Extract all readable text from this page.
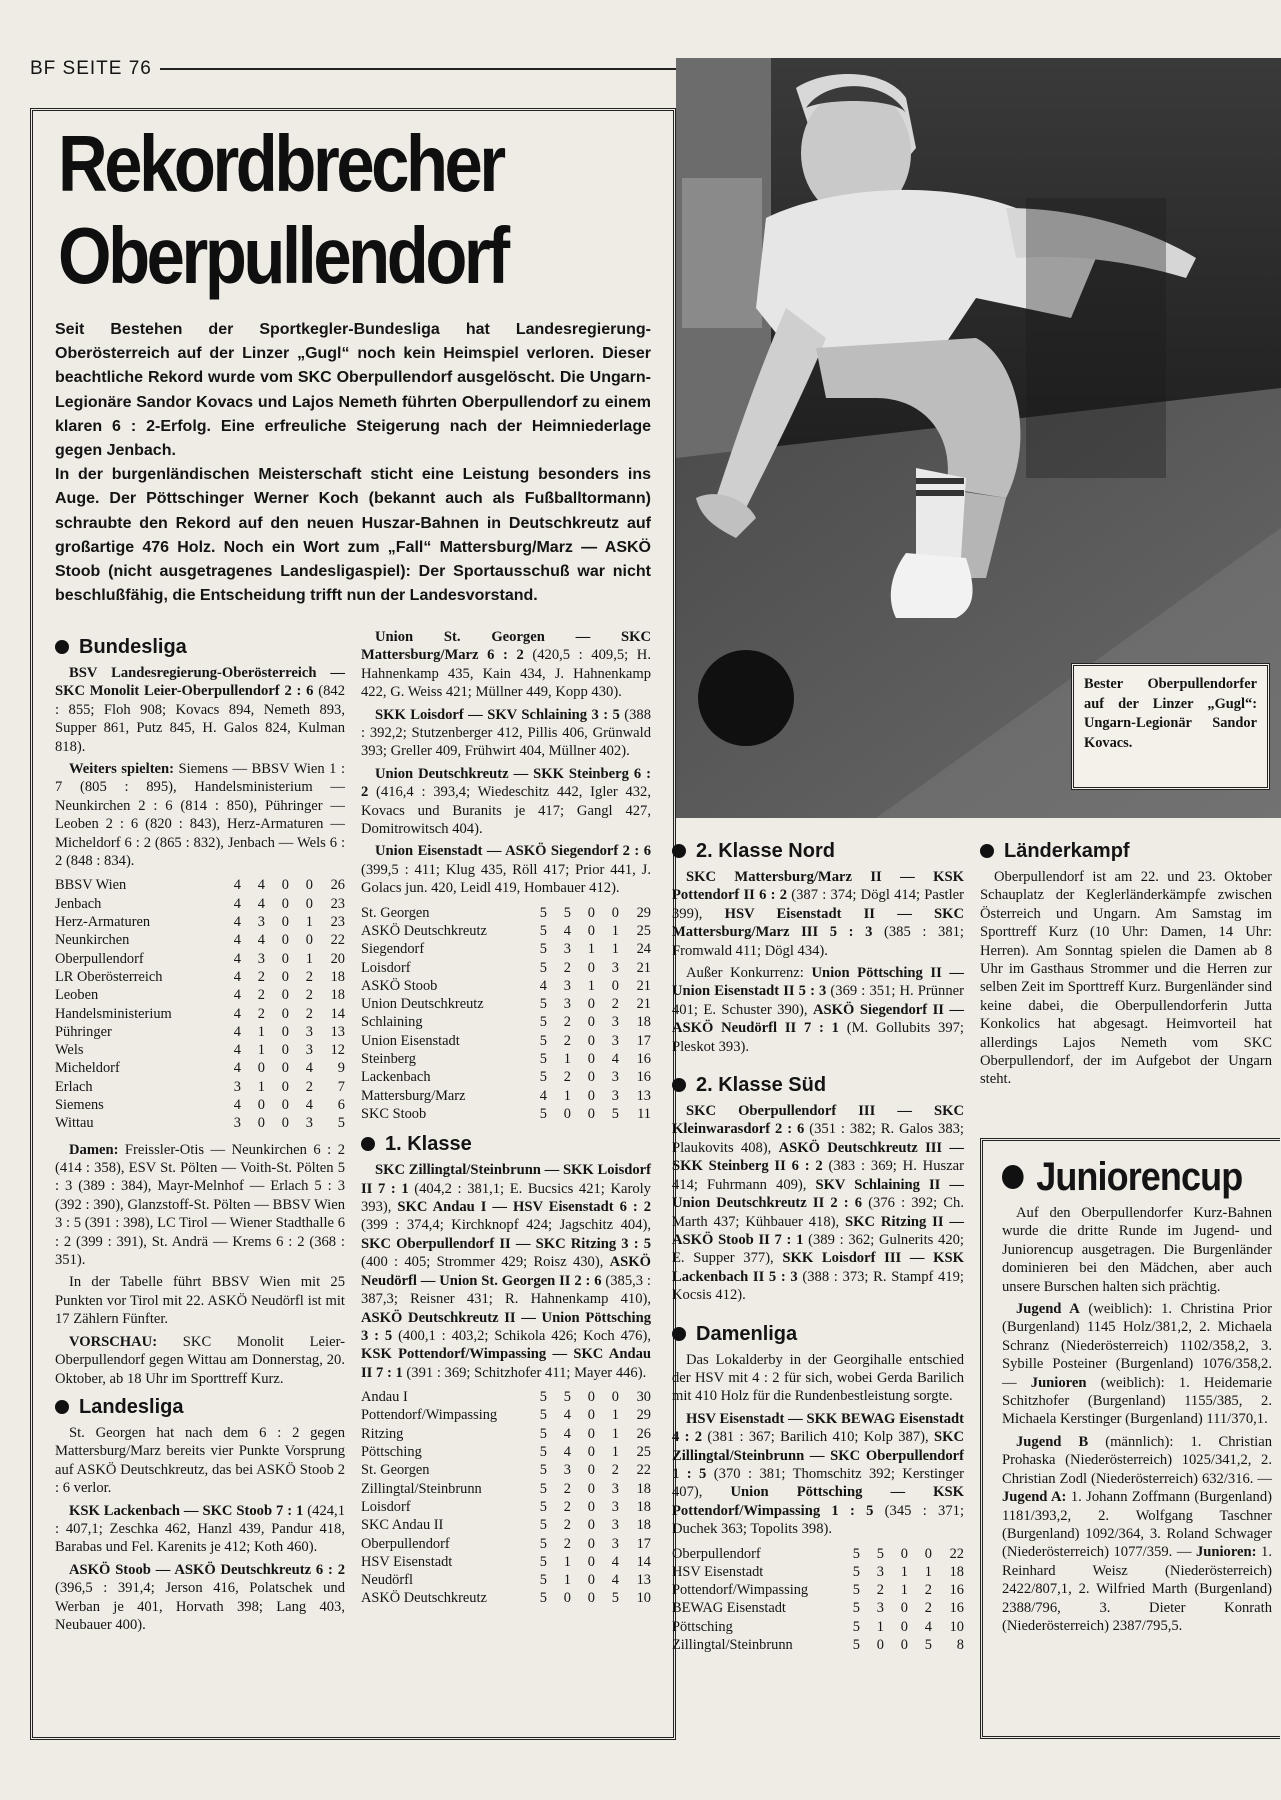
BF SEITE 76
Rekordbrecher
Oberpullendorf

Seit Bestehen der Sportkegler-Bundesliga hat Landesregierung-Oberösterreich auf der Linzer „Gugl“ noch kein Heimspiel verloren. Dieser beachtliche Rekord wurde vom SKC Oberpullendorf ausgelöscht. Die Ungarn-Legionäre Sandor Kovacs und Lajos Nemeth führten Oberpullendorf zu einem klaren 6 : 2-Erfolg. Eine erfreuliche Steigerung nach der Heimniederlage gegen Jenbach.

In der burgenländischen Meisterschaft sticht eine Leistung besonders ins Auge. Der Pöttschinger Werner Koch (bekannt auch als Fußballtormann) schraubte den Rekord auf den neuen Huszar-Bahnen in Deutschkreutz auf großartige 476 Holz. Noch ein Wort zum „Fall“ Mattersburg/Marz — ASKÖ Stoob (nicht ausgetragenes Landesligaspiel): Der Sportausschuß war nicht beschlußfähig, die Entscheidung trifft nun der Landesvorstand.

Bundesliga

BSV Landesregierung-Oberösterreich — SKC Monolit Leier-Oberpullendorf 2 : 6 (842 : 855; Floh 908; Kovacs 894, Nemeth 893, Supper 861, Putz 845, H. Galos 824, Kulman 818).

Weiters spielten: Siemens — BBSV Wien 1 : 7 (805 : 895), Handelsministerium — Neunkirchen 2 : 6 (814 : 850), Pühringer — Leoben 2 : 6 (820 : 843), Herz-Armaturen — Micheldorf 6 : 2 (865 : 832), Jenbach — Wels 6 : 2 (848 : 834).

BBSV Wien	4	4	0	0	26
Jenbach	4	4	0	0	23
Herz-Armaturen	4	3	0	1	23
Neunkirchen	4	4	0	0	22
Oberpullendorf	4	3	0	1	20
LR Oberösterreich	4	2	0	2	18
Leoben	4	2	0	2	18
Handelsministerium	4	2	0	2	14
Pühringer	4	1	0	3	13
Wels	4	1	0	3	12
Micheldorf	4	0	0	4	9
Erlach	3	1	0	2	7
Siemens	4	0	0	4	6
Wittau	3	0	0	3	5

Damen: Freissler-Otis — Neunkirchen 6 : 2 (414 : 358), ESV St. Pölten — Voith-St. Pölten 5 : 3 (389 : 384), Mayr-Melnhof — Erlach 5 : 3 (392 : 390), Glanzstoff-St. Pölten — BBSV Wien 3 : 5 (391 : 398), LC Tirol — Wiener Stadthalle 6 : 2 (399 : 391), St. Andrä — Krems 6 : 2 (368 : 351).

In der Tabelle führt BBSV Wien mit 25 Punkten vor Tirol mit 22. ASKÖ Neudörfl ist mit 17 Zählern Fünfter.

VORSCHAU: SKC Monolit Leier-Oberpullendorf gegen Wittau am Donnerstag, 20. Oktober, ab 18 Uhr im Sporttreff Kurz.

Landesliga

St. Georgen hat nach dem 6 : 2 gegen Mattersburg/Marz bereits vier Punkte Vorsprung auf ASKÖ Deutschkreutz, das bei ASKÖ Stoob 2 : 6 verlor.

KSK Lackenbach — SKC Stoob 7 : 1 (424,1 : 407,1; Zeschka 462, Hanzl 439, Pandur 418, Barabas und Fel. Karenits je 412; Koth 460).

ASKÖ Stoob — ASKÖ Deutschkreutz 6 : 2 (396,5 : 391,4; Jerson 416, Polatschek und Werban je 401, Horvath 398; Lang 403, Neubauer 400).

Union St. Georgen — SKC Mattersburg/Marz 6 : 2 (420,5 : 409,5; H. Hahnenkamp 435, Kain 434, J. Hahnenkamp 422, G. Weiss 421; Müllner 449, Kopp 430).

SKK Loisdorf — SKV Schlaining 3 : 5 (388 : 392,2; Stutzenberger 412, Pillis 406, Grünwald 393; Greller 409, Frühwirt 404, Müllner 402).

Union Deutschkreutz — SKK Steinberg 6 : 2 (416,4 : 393,4; Wiedeschitz 442, Igler 432, Kovacs und Buranits je 417; Gangl 427, Domitrowitsch 404).

Union Eisenstadt — ASKÖ Siegendorf 2 : 6 (399,5 : 411; Klug 435, Röll 417; Prior 441, J. Golacs jun. 420, Leidl 419, Hombauer 412).

St. Georgen	5	5	0	0	29
ASKÖ Deutschkreutz	5	4	0	1	25
Siegendorf	5	3	1	1	24
Loisdorf	5	2	0	3	21
ASKÖ Stoob	4	3	1	0	21
Union Deutschkreutz	5	3	0	2	21
Schlaining	5	2	0	3	18
Union Eisenstadt	5	2	0	3	17
Steinberg	5	1	0	4	16
Lackenbach	5	2	0	3	16
Mattersburg/Marz	4	1	0	3	13
SKC Stoob	5	0	0	5	11
1. Klasse

SKC Zillingtal/Steinbrunn — SKK Loisdorf II 7 : 1 (404,2 : 381,1; E. Bucsics 421; Karoly 393), SKC Andau I — HSV Eisenstadt 6 : 2 (399 : 374,4; Kirchknopf 424; Jagschitz 404), SKC Oberpullendorf II — SKC Ritzing 3 : 5 (400 : 405; Strommer 429; Roisz 430), ASKÖ Neudörfl — Union St. Georgen II 2 : 6 (385,3 : 387,3; Reisner 431; R. Hahnenkamp 410), ASKÖ Deutschkreutz II — Union Pöttsching 3 : 5 (400,1 : 403,2; Schikola 426; Koch 476), KSK Pottendorf/Wimpassing — SKC Andau II 7 : 1 (391 : 369; Schitzhofer 411; Mayer 446).

Andau I	5	5	0	0	30
Pottendorf/Wimpassing	5	4	0	1	29
Ritzing	5	4	0	1	26
Pöttsching	5	4	0	1	25
St. Georgen	5	3	0	2	22
Zillingtal/Steinbrunn	5	2	0	3	18
Loisdorf	5	2	0	3	18
SKC Andau II	5	2	0	3	18
Oberpullendorf	5	2	0	3	17
HSV Eisenstadt	5	1	0	4	14
Neudörfl	5	1	0	4	13
ASKÖ Deutschkreutz	5	0	0	5	10
Bester Oberpullendorfer auf der Linzer „Gugl“: Ungarn-Legionär Sandor Kovacs.
2. Klasse Nord

SKC Mattersburg/Marz II — KSK Pottendorf II 6 : 2 (387 : 374; Dögl 414; Pastler 399), HSV Eisenstadt II — SKC Mattersburg/Marz III 5 : 3 (385 : 381; Fromwald 411; Dögl 434).

Außer Konkurrenz: Union Pöttsching II — Union Eisenstadt II 5 : 3 (369 : 351; H. Prünner 401; E. Schuster 390), ASKÖ Siegendorf II — ASKÖ Neudörfl II 7 : 1 (M. Gollubits 397; Pleskot 393).

2. Klasse Süd

SKC Oberpullendorf III — SKC Kleinwarasdorf 2 : 6 (351 : 382; R. Galos 383; Plaukovits 408), ASKÖ Deutschkreutz III — SKK Steinberg II 6 : 2 (383 : 369; H. Huszar 414; Fuhrmann 409), SKV Schlaining II — Union Deutschkreutz II 2 : 6 (376 : 392; Ch. Marth 437; Kühbauer 418), SKC Ritzing II — ASKÖ Stoob II 7 : 1 (389 : 362; Gulnerits 420; E. Supper 377), SKK Loisdorf III — KSK Lackenbach II 5 : 3 (388 : 373; R. Stampf 419; Kocsis 412).

Damenliga

Das Lokalderby in der Georgihalle entschied der HSV mit 4 : 2 für sich, wobei Gerda Barilich mit 410 Holz für die Rundenbestleistung sorgte.

HSV Eisenstadt — SKK BEWAG Eisenstadt 4 : 2 (381 : 367; Barilich 410; Kolp 387), SKC Zillingtal/Steinbrunn — SKC Oberpullendorf 1 : 5 (370 : 381; Thomschitz 392; Kerstinger 407), Union Pöttsching — KSK Pottendorf/Wimpassing 1 : 5 (345 : 371; Duchek 363; Topolits 398).

Oberpullendorf	5	5	0	0	22
HSV Eisenstadt	5	3	1	1	18
Pottendorf/Wimpassing	5	2	1	2	16
BEWAG Eisenstadt	5	3	0	2	16
Pöttsching	5	1	0	4	10
Zillingtal/Steinbrunn	5	0	0	5	8
Länderkampf

Oberpullendorf ist am 22. und 23. Oktober Schauplatz der Keglerländerkämpfe zwischen Österreich und Ungarn. Am Samstag im Sporttreff Kurz (10 Uhr: Damen, 14 Uhr: Herren). Am Sonntag spielen die Damen ab 8 Uhr im Gasthaus Strommer und die Herren zur selben Zeit im Sporttreff Kurz. Burgenländer sind keine dabei, die Oberpullendorferin Jutta Konkolics hat abgesagt. Heimvorteil hat allerdings Lajos Nemeth vom SKC Oberpullendorf, der im Aufgebot der Ungarn steht.

Juniorencup

Auf den Oberpullendorfer Kurz-Bahnen wurde die dritte Runde im Jugend- und Juniorencup ausgetragen. Die Burgenländer dominieren bei den Mädchen, aber auch unsere Burschen halten sich prächtig.

Jugend A (weiblich): 1. Christina Prior (Burgenland) 1145 Holz/381,2, 2. Michaela Schranz (Niederösterreich) 1102/358,2, 3. Sybille Posteiner (Burgenland) 1076/358,2. — Junioren (weiblich): 1. Heidemarie Schitzhofer (Burgenland) 1155/385, 2. Michaela Kerstinger (Burgenland) 111/370,1.

Jugend B (männlich): 1. Christian Prohaska (Niederösterreich) 1025/341,2, 2. Christian Zodl (Niederösterreich) 632/316. — Jugend A: 1. Johann Zoffmann (Burgenland) 1181/393,2, 2. Wolfgang Taschner (Burgenland) 1092/364, 3. Roland Schwager (Niederösterreich) 1077/359. — Junioren: 1. Reinhard Weisz (Niederösterreich) 2422/807,1, 2. Wilfried Marth (Burgenland) 2388/796, 3. Dieter Konrath (Niederösterreich) 2387/795,5.
